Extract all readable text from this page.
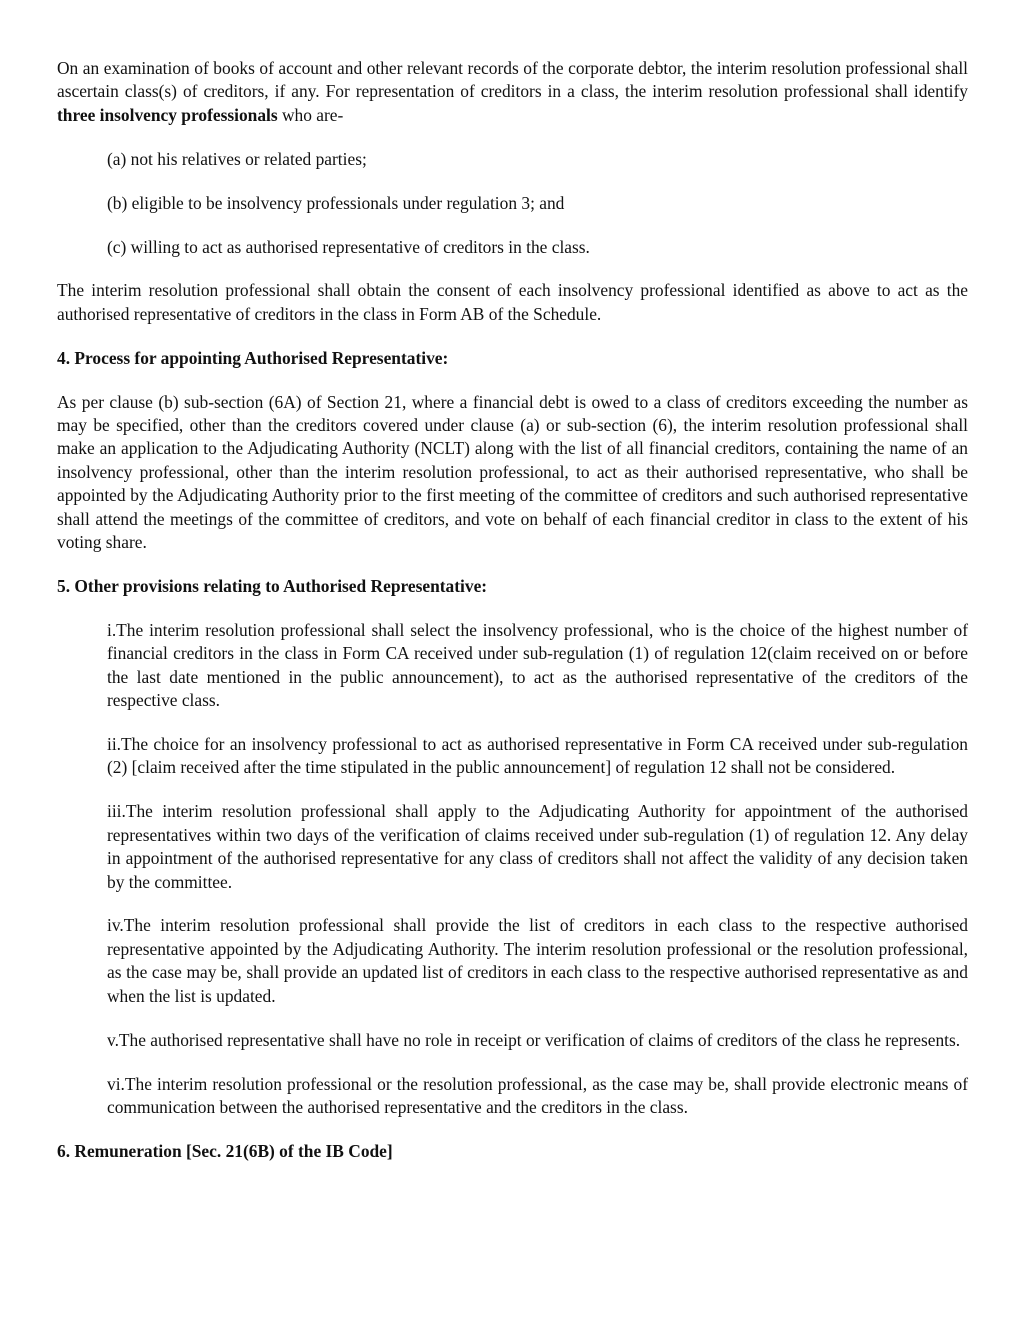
On an examination of books of account and other relevant records of the corporate debtor, the interim resolution professional shall ascertain class(s) of creditors, if any. For representation of creditors in a class, the interim resolution professional shall identify three insolvency professionals who are-

(a) not his relatives or related parties;

(b) eligible to be insolvency professionals under regulation 3; and

(c) willing to act as authorised representative of creditors in the class.

The interim resolution professional shall obtain the consent of each insolvency professional identified as above to act as the authorised representative of creditors in the class in Form AB of the Schedule.

4. Process for appointing Authorised Representative:

As per clause (b) sub-section (6A) of Section 21, where a financial debt is owed to a class of creditors exceeding the number as may be specified, other than the creditors covered under clause (a) or sub-section (6), the interim resolution professional shall make an application to the Adjudicating Authority (NCLT) along with the list of all financial creditors, containing the name of an insolvency professional, other than the interim resolution professional, to act as their authorised representative, who shall be appointed by the Adjudicating Authority prior to the first meeting of the committee of creditors and such authorised representative shall attend the meetings of the committee of creditors, and vote on behalf of each financial creditor in class to the extent of his voting share.

5. Other provisions relating to Authorised Representative:

i.The interim resolution professional shall select the insolvency professional, who is the choice of the highest number of financial creditors in the class in Form CA received under sub-regulation (1) of regulation 12(claim received on or before the last date mentioned in the public announcement), to act as the authorised representative of the creditors of the respective class.

ii.The choice for an insolvency professional to act as authorised representative in Form CA received under sub-regulation (2) [claim received after the time stipulated in the public announcement] of regulation 12 shall not be considered.

iii.The interim resolution professional shall apply to the Adjudicating Authority for appointment of the authorised representatives within two days of the verification of claims received under sub-regulation (1) of regulation 12. Any delay in appointment of the authorised representative for any class of creditors shall not affect the validity of any decision taken by the committee.

iv.The interim resolution professional shall provide the list of creditors in each class to the respective authorised representative appointed by the Adjudicating Authority. The interim resolution professional or the resolution professional, as the case may be, shall provide an updated list of creditors in each class to the respective authorised representative as and when the list is updated.

v.The authorised representative shall have no role in receipt or verification of claims of creditors of the class he represents.

vi.The interim resolution professional or the resolution professional, as the case may be, shall provide electronic means of communication between the authorised representative and the creditors in the class.

6. Remuneration [Sec. 21(6B) of the IB Code]
